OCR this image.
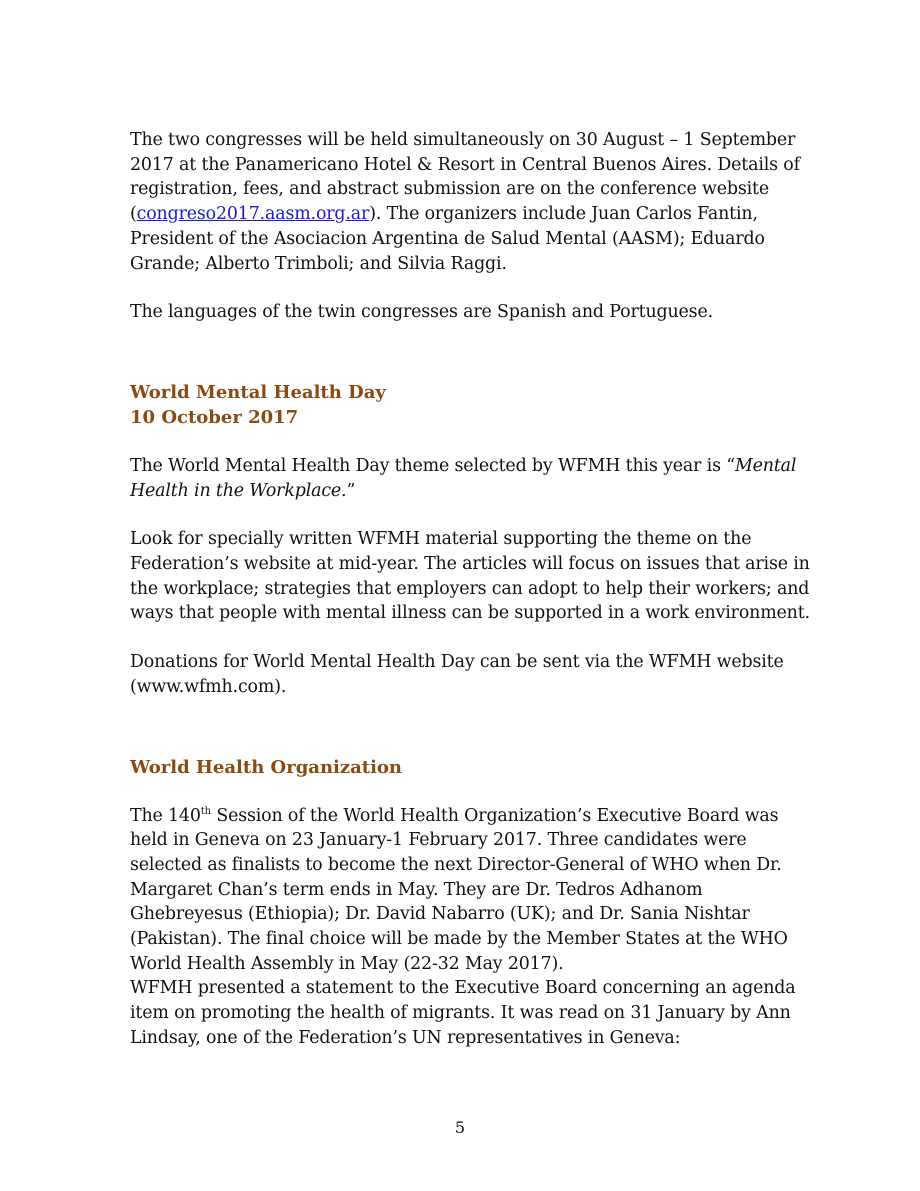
The two congresses will be held simultaneously on 30 August – 1 September 2017 at the Panamericano Hotel & Resort in Central Buenos Aires. Details of registration, fees, and abstract submission are on the conference website (congreso2017.aasm.org.ar). The organizers include Juan Carlos Fantin, President of the Asociacion Argentina de Salud Mental (AASM); Eduardo Grande; Alberto Trimboli; and Silvia Raggi.

The languages of the twin congresses are Spanish and Portuguese.

World Mental Health Day
10 October 2017

The World Mental Health Day theme selected by WFMH this year is “Mental Health in the Workplace.”

Look for specially written WFMH material supporting the theme on the Federation’s website at mid-year. The articles will focus on issues that arise in the workplace; strategies that employers can adopt to help their workers; and ways that people with mental illness can be supported in a work environment.

Donations for World Mental Health Day can be sent via the WFMH website (www.wfmh.com).

World Health Organization

The 140th Session of the World Health Organization’s Executive Board was held in Geneva on 23 January-1 February 2017. Three candidates were selected as finalists to become the next Director-General of WHO when Dr. Margaret Chan’s term ends in May. They are Dr. Tedros Adhanom Ghebreyesus (Ethiopia); Dr. David Nabarro (UK); and Dr. Sania Nishtar (Pakistan). The final choice will be made by the Member States at the WHO World Health Assembly in May (22-32 May 2017).

WFMH presented a statement to the Executive Board concerning an agenda item on promoting the health of migrants. It was read on 31 January by Ann Lindsay, one of the Federation’s UN representatives in Geneva:

5
